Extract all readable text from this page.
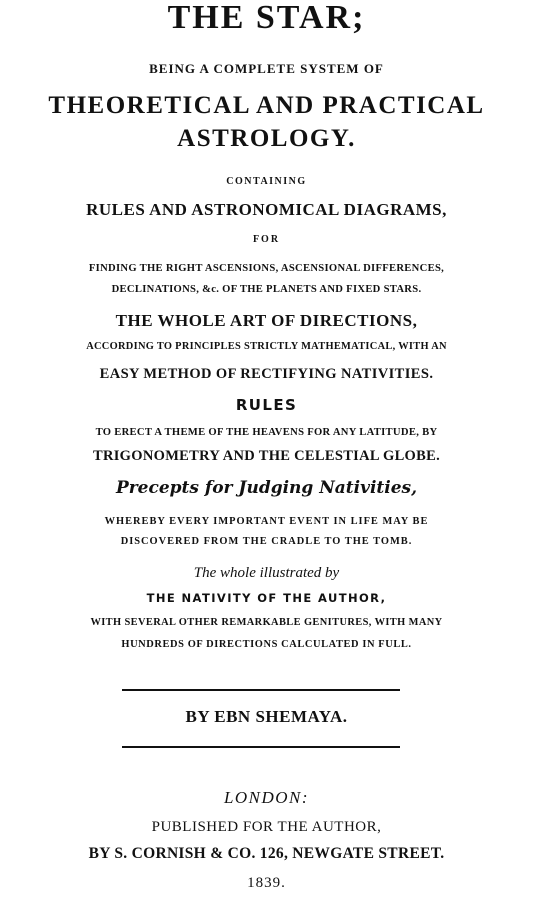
THE STAR;
BEING A COMPLETE SYSTEM OF
THEORETICAL AND PRACTICAL
ASTROLOGY.
CONTAINING
RULES AND ASTRONOMICAL DIAGRAMS,
FOR
FINDING THE RIGHT ASCENSIONS, ASCENSIONAL DIFFERENCES,
DECLINATIONS, &c. OF THE PLANETS AND FIXED STARS.
THE WHOLE ART OF DIRECTIONS,
ACCORDING TO PRINCIPLES STRICTLY MATHEMATICAL, WITH AN
EASY METHOD OF RECTIFYING NATIVITIES.
RULES
TO ERECT A THEME OF THE HEAVENS FOR ANY LATITUDE, BY
TRIGONOMETRY AND THE CELESTIAL GLOBE.
Precepts for Judging Nativities,
WHEREBY EVERY IMPORTANT EVENT IN LIFE MAY BE
DISCOVERED FROM THE CRADLE TO THE TOMB.
The whole illustrated by
THE NATIVITY OF THE AUTHOR,
WITH SEVERAL OTHER REMARKABLE GENITURES, WITH MANY
HUNDREDS OF DIRECTIONS CALCULATED IN FULL.
BY EBN SHEMAYA.
LONDON:
PUBLISHED FOR THE AUTHOR,
BY S. CORNISH & CO. 126, NEWGATE STREET.
1839.
